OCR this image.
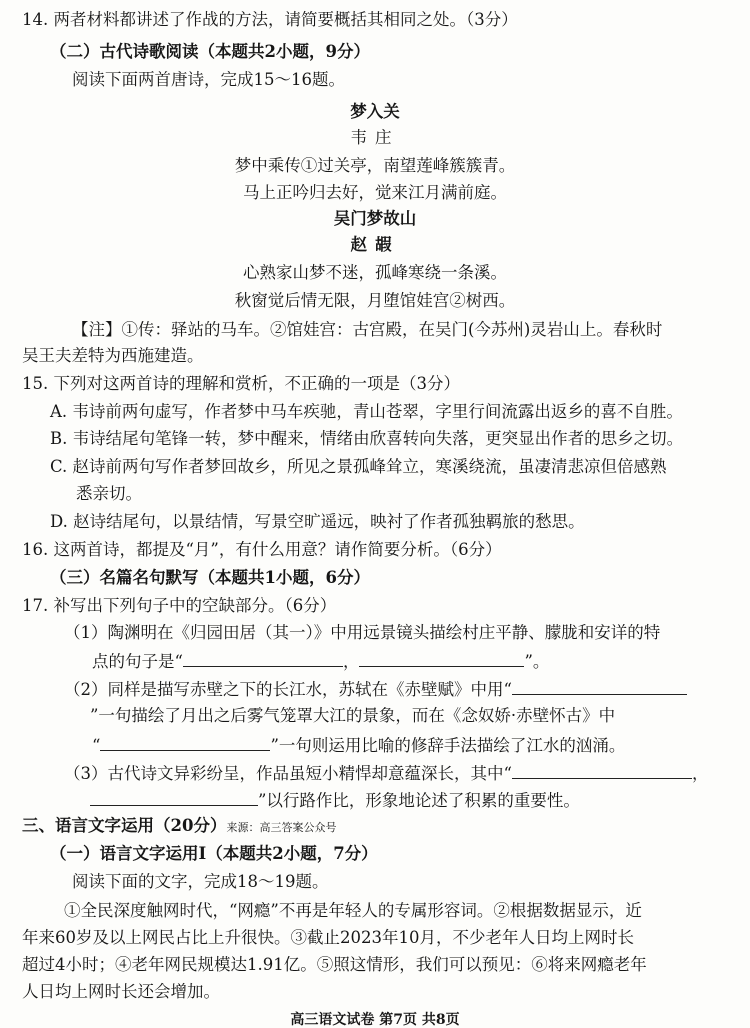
14. 两者材料都讲述了作战的方法，请简要概括其相同之处。（3分）
（二）古代诗歌阅读（本题共2小题，9分）
阅读下面两首唐诗，完成15～16题。
梦入关
韦庄
梦中乘传①过关亭，南望莲峰簇簇青。
马上正吟归去好，觉来江月满前庭。
吴门梦故山
赵嘏
心熟家山梦不迷，孤峰寒绕一条溪。
秋窗觉后情无限，月堕馆娃宫②树西。
【注】①传：驿站的马车。②馆娃宫：古宫殿，在吴门(今苏州)灵岩山上。春秋时
吴王夫差特为西施建造。
15. 下列对这两首诗的理解和赏析，不正确的一项是（3分）
A. 韦诗前两句虚写，作者梦中马车疾驰，青山苍翠，字里行间流露出返乡的喜不自胜。
B. 韦诗结尾句笔锋一转，梦中醒来，情绪由欣喜转向失落，更突显出作者的思乡之切。
C. 赵诗前两句写作者梦回故乡，所见之景孤峰耸立，寒溪绕流，虽凄清悲凉但倍感熟
悉亲切。
D. 赵诗结尾句，以景结情，写景空旷遥远，映衬了作者孤独羁旅的愁思。
16. 这两首诗，都提及“月”，有什么用意？请作简要分析。（6分）
（三）名篇名句默写（本题共1小题，6分）
17. 补写出下列句子中的空缺部分。（6分）
（1）陶渊明在《归园田居（其一）》中用远景镜头描绘村庄平静、朦胧和安详的特
点的句子是“	，	”。
（2）同样是描写赤壁之下的长江水，苏轼在《赤壁赋》中用“
”一句描绘了月出之后雾气笼罩大江的景象，而在《念奴娇·赤壁怀古》中
“	”一句则运用比喻的修辞手法描绘了江水的汹涌。
（3）古代诗文异彩纷呈，作品虽短小精悍却意蕴深长，其中“	，
”以行路作比，形象地论述了积累的重要性。
三、语言文字运用（20分）来源：高三答案公众号
（一）语言文字运用Ⅰ（本题共2小题，7分）
阅读下面的文字，完成18～19题。
①全民深度触网时代，“网瘾”不再是年轻人的专属形容词。②根据数据显示，近
年来60岁及以上网民占比上升很快。③截止2023年10月，不少老年人日均上网时长
超过4小时；④老年网民规模达1.91亿。⑤照这情形，我们可以预见：⑥将来网瘾老年
人日均上网时长还会增加。
高三语文试卷 第7页 共8页
